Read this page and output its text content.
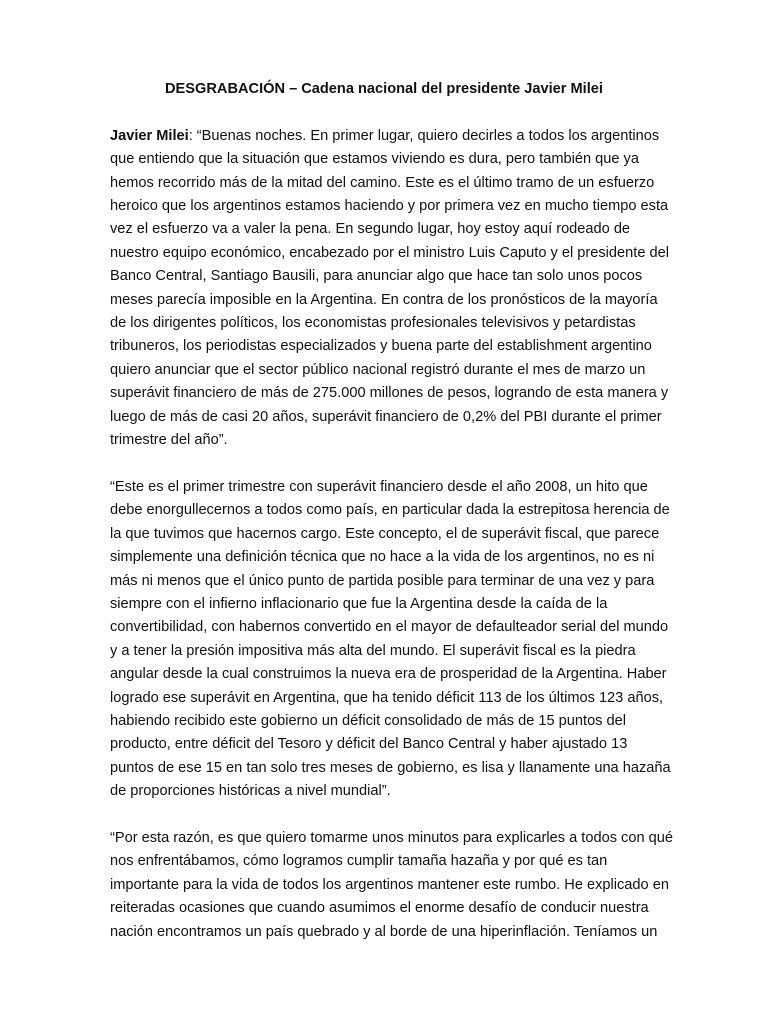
DESGRABACIÓN – Cadena nacional del presidente Javier Milei
Javier Milei: “Buenas noches. En primer lugar, quiero decirles a todos los argentinos
que entiendo que la situación que estamos viviendo es dura, pero también que ya
hemos recorrido más de la mitad del camino. Este es el último tramo de un esfuerzo
heroico que los argentinos estamos haciendo y por primera vez en mucho tiempo esta
vez el esfuerzo va a valer la pena. En segundo lugar, hoy estoy aquí rodeado de
nuestro equipo económico, encabezado por el ministro Luis Caputo y el presidente del
Banco Central, Santiago Bausili, para anunciar algo que hace tan solo unos pocos
meses parecía imposible en la Argentina. En contra de los pronósticos de la mayoría
de los dirigentes políticos, los economistas profesionales televisivos y petardistas
tribuneros, los periodistas especializados y buena parte del establishment argentino
quiero anunciar que el sector público nacional registró durante el mes de marzo un
superávit financiero de más de 275.000 millones de pesos, logrando de esta manera y
luego de más de casi 20 años, superávit financiero de 0,2% del PBI durante el primer
trimestre del año”.
“Este es el primer trimestre con superávit financiero desde el año 2008, un hito que
debe enorgullecernos a todos como país, en particular dada la estrepitosa herencia de
la que tuvimos que hacernos cargo. Este concepto, el de superávit fiscal, que parece
simplemente una definición técnica que no hace a la vida de los argentinos, no es ni
más ni menos que el único punto de partida posible para terminar de una vez y para
siempre con el infierno inflacionario que fue la Argentina desde la caída de la
convertibilidad, con habernos convertido en el mayor de defaulteador serial del mundo
y a tener la presión impositiva más alta del mundo. El superávit fiscal es la piedra
angular desde la cual construimos la nueva era de prosperidad de la Argentina. Haber
logrado ese superávit en Argentina, que ha tenido déficit 113 de los últimos 123 años,
habiendo recibido este gobierno un déficit consolidado de más de 15 puntos del
producto, entre déficit del Tesoro y déficit del Banco Central y haber ajustado 13
puntos de ese 15 en tan solo tres meses de gobierno, es lisa y llanamente una hazaña
de proporciones históricas a nivel mundial”.
“Por esta razón, es que quiero tomarme unos minutos para explicarles a todos con qué
nos enfrentábamos, cómo logramos cumplir tamaña hazaña y por qué es tan
importante para la vida de todos los argentinos mantener este rumbo. He explicado en
reiteradas ocasiones que cuando asumimos el enorme desafío de conducir nuestra
nación encontramos un país quebrado y al borde de una hiperinflación. Teníamos un
